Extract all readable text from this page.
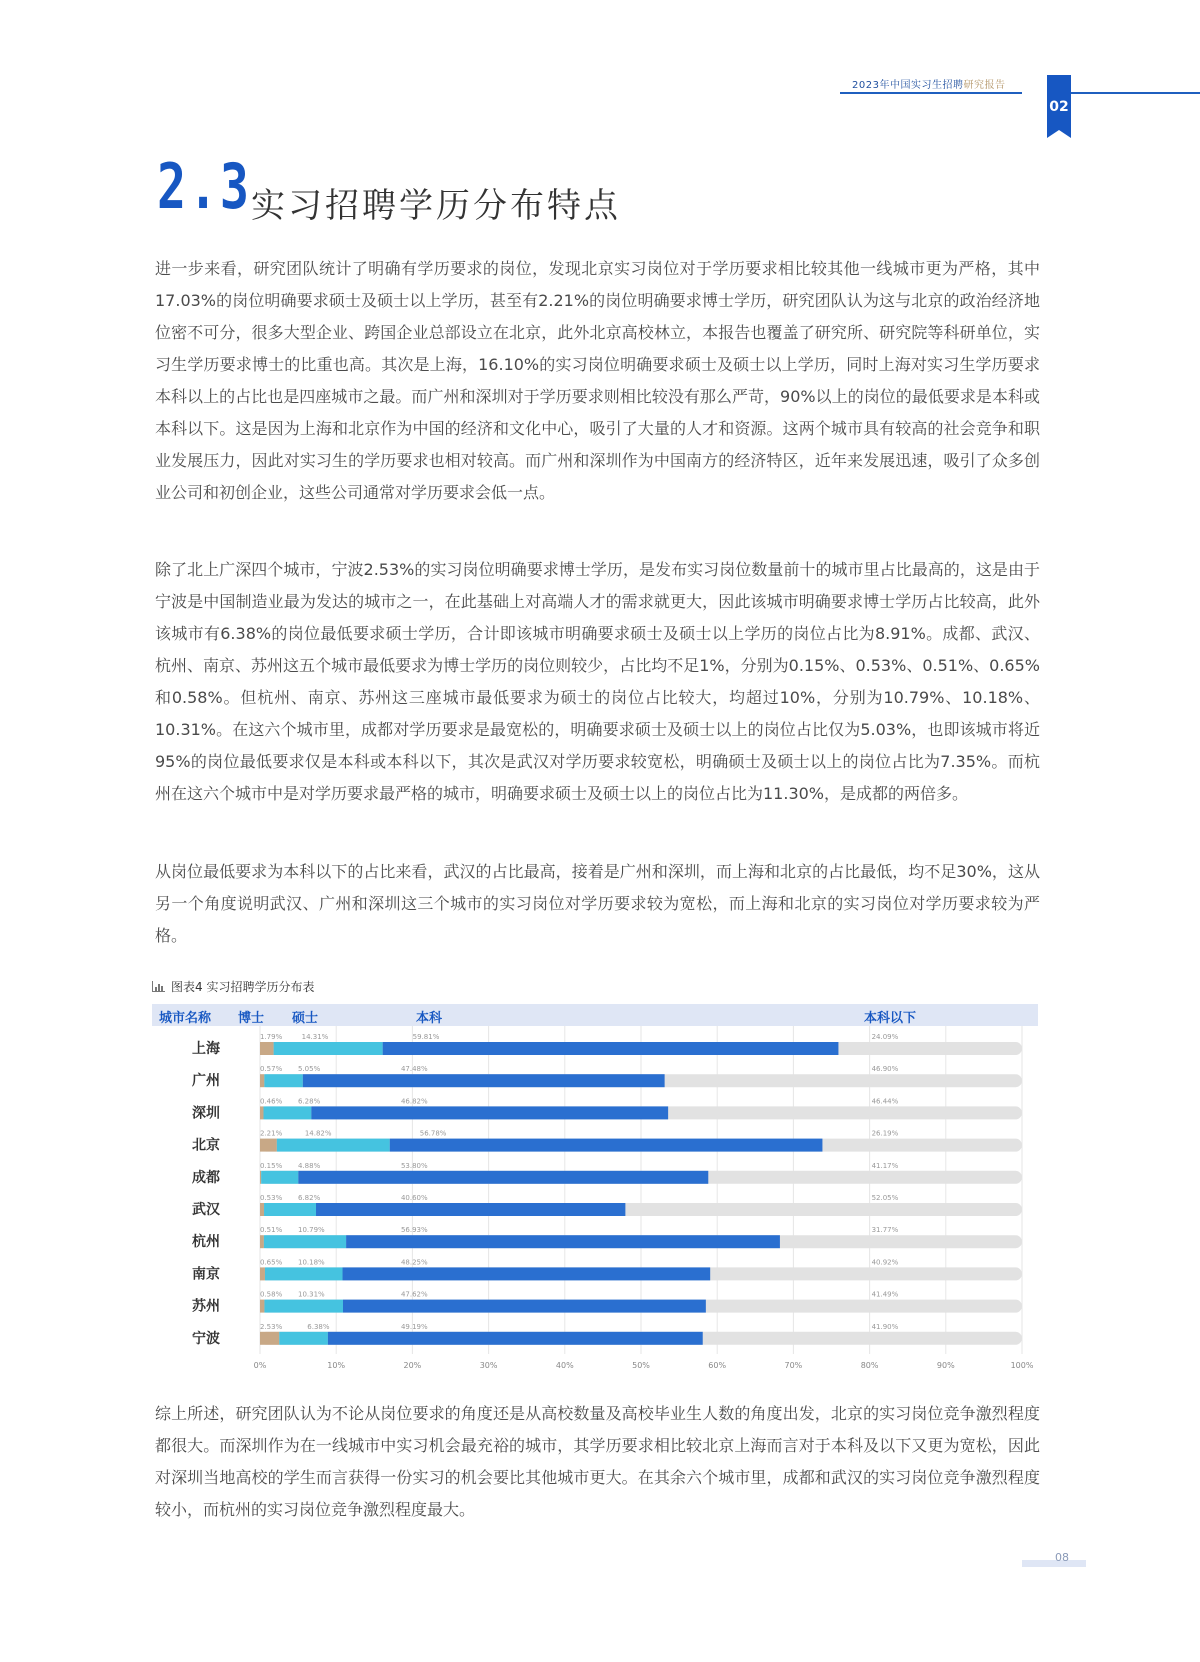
2023年中国实习生招聘研究报告
02
2.3 实习招聘学历分布特点

进一步来看，研究团队统计了明确有学历要求的岗位，发现北京实习岗位对于学历要求相比较其他一线城市更为严格，其中17.03%的岗位明确要求硕士及硕士以上学历，甚至有2.21%的岗位明确要求博士学历，研究团队认为这与北京的政治经济地位密不可分，很多大型企业、跨国企业总部设立在北京，此外北京高校林立，本报告也覆盖了研究所、研究院等科研单位，实习生学历要求博士的比重也高。其次是上海，16.10%的实习岗位明确要求硕士及硕士以上学历，同时上海对实习生学历要求本科以上的占比也是四座城市之最。而广州和深圳对于学历要求则相比较没有那么严苛，90%以上的岗位的最低要求是本科或本科以下。这是因为上海和北京作为中国的经济和文化中心，吸引了大量的人才和资源。这两个城市具有较高的社会竞争和职业发展压力，因此对实习生的学历要求也相对较高。而广州和深圳作为中国南方的经济特区，近年来发展迅速，吸引了众多创业公司和初创企业，这些公司通常对学历要求会低一点。

除了北上广深四个城市，宁波2.53%的实习岗位明确要求博士学历，是发布实习岗位数量前十的城市里占比最高的，这是由于宁波是中国制造业最为发达的城市之一，在此基础上对高端人才的需求就更大，因此该城市明确要求博士学历占比较高，此外该城市有6.38%的岗位最低要求硕士学历，合计即该城市明确要求硕士及硕士以上学历的岗位占比为8.91%。成都、武汉、杭州、南京、苏州这五个城市最低要求为博士学历的岗位则较少，占比均不足1%，分别为0.15%、0.53%、0.51%、0.65%和0.58%。但杭州、南京、苏州这三座城市最低要求为硕士的岗位占比较大，均超过10%，分别为10.79%、10.18%、10.31%。在这六个城市里，成都对学历要求是最宽松的，明确要求硕士及硕士以上的岗位占比仅为5.03%，也即该城市将近95%的岗位最低要求仅是本科或本科以下，其次是武汉对学历要求较宽松，明确硕士及硕士以上的岗位占比为7.35%。而杭州在这六个城市中是对学历要求最严格的城市，明确要求硕士及硕士以上的岗位占比为11.30%，是成都的两倍多。

从岗位最低要求为本科以下的占比来看，武汉的占比最高，接着是广州和深圳，而上海和北京的占比最低，均不足30%，这从另一个角度说明武汉、广州和深圳这三个城市的实习岗位对学历要求较为宽松，而上海和北京的实习岗位对学历要求较为严格。

图表4 实习招聘学历分布表
城市名称 博士 硕士	本科	本科以下
0%	10%	20%	30%	40%	50%	60%	70%	80%	90%	100%
上海
1.79%	14.31%	59.81%	24.09%
广州
0.57% 5.05%	47.48%	46.90%
深圳
0.46% 6.28%	46.82%	46.44%
北京
2.21%	14.82%	56.78%	26.19%
成都
0.15% 4.88%	53.80%	41.17%
武汉
0.53% 6.82%	40.60%	52.05%
杭州
0.51% 10.79%	56.93%	31.77%
南京
0.65% 10.18%	48.25%	40.92%
苏州
0.58% 10.31%	47.62%	41.49%
宁波
2.53%	6.38%	49.19%	41.90%

综上所述，研究团队认为不论从岗位要求的角度还是从高校数量及高校毕业生人数的角度出发，北京的实习岗位竞争激烈程度都很大。而深圳作为在一线城市中实习机会最充裕的城市，其学历要求相比较北京上海而言对于本科及以下又更为宽松，因此对深圳当地高校的学生而言获得一份实习的机会要比其他城市更大。在其余六个城市里，成都和武汉的实习岗位竞争激烈程度较小，而杭州的实习岗位竞争激烈程度最大。

08
